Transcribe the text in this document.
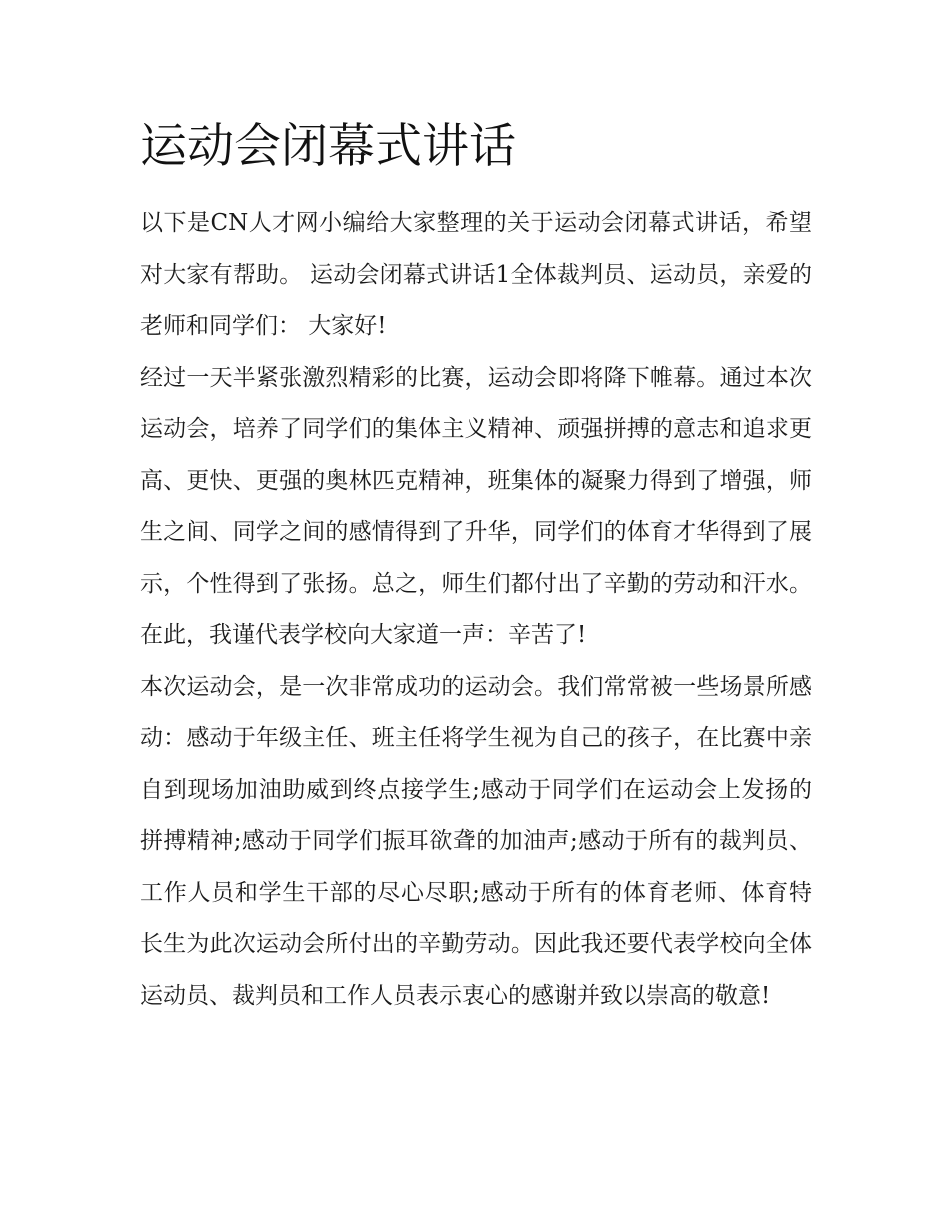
运动会闭幕式讲话

以下是CN人才网小编给大家整理的关于运动会闭幕式讲话，希望对大家有帮助。 运动会闭幕式讲话1全体裁判员、运动员，亲爱的老师和同学们： 大家好!

经过一天半紧张激烈精彩的比赛，运动会即将降下帷幕。通过本次运动会，培养了同学们的集体主义精神、顽强拼搏的意志和追求更高、更快、更强的奥林匹克精神，班集体的凝聚力得到了增强，师生之间、同学之间的感情得到了升华，同学们的体育才华得到了展示，个性得到了张扬。总之，师生们都付出了辛勤的劳动和汗水。在此，我谨代表学校向大家道一声：辛苦了!

本次运动会，是一次非常成功的运动会。我们常常被一些场景所感动：感动于年级主任、班主任将学生视为自己的孩子，在比赛中亲自到现场加油助威到终点接学生;感动于同学们在运动会上发扬的拼搏精神;感动于同学们振耳欲聋的加油声;感动于所有的裁判员、工作人员和学生干部的尽心尽职;感动于所有的体育老师、体育特长生为此次运动会所付出的辛勤劳动。因此我还要代表学校向全体运动员、裁判员和工作人员表示衷心的感谢并致以崇高的敬意!
